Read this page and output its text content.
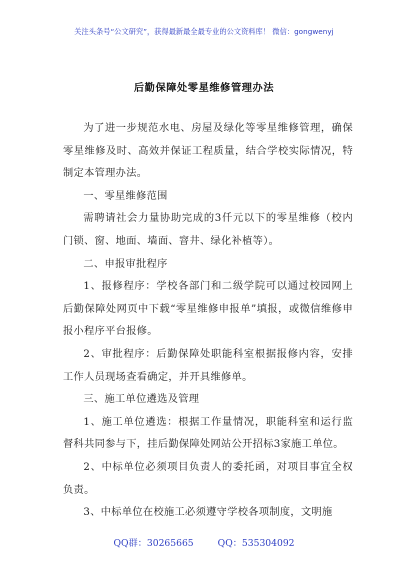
关注头条号“公文研究”，获得最新最全最专业的公文资料库！ 微信：gongwenyj
后勤保障处零星维修管理办法

为了进一步规范水电、房屋及绿化等零星维修管理，确保零星维修及时、高效并保证工程质量，结合学校实际情况，特制定本管理办法。

一、零星维修范围

需聘请社会力量协助完成的3仟元以下的零星维修（校内门锁、窗、地面、墙面、窨井、绿化补植等）。

二、申报审批程序

1、报修程序：学校各部门和二级学院可以通过校园网上后勤保障处网页中下载“零星维修申报单”填报，或微信维修申报小程序平台报修。

2、审批程序：后勤保障处职能科室根据报修内容，安排工作人员现场查看确定，并开具维修单。

三、施工单位遴选及管理

1、施工单位遴选：根据工作量情况，职能科室和运行监督科共同参与下，挂后勤保障处网站公开招标3家施工单位。

2、中标单位必须项目负责人的委托函，对项目事宜全权负责。

3、中标单位在校施工必须遵守学校各项制度，文明施

QQ群：30265665	QQ：535304092
